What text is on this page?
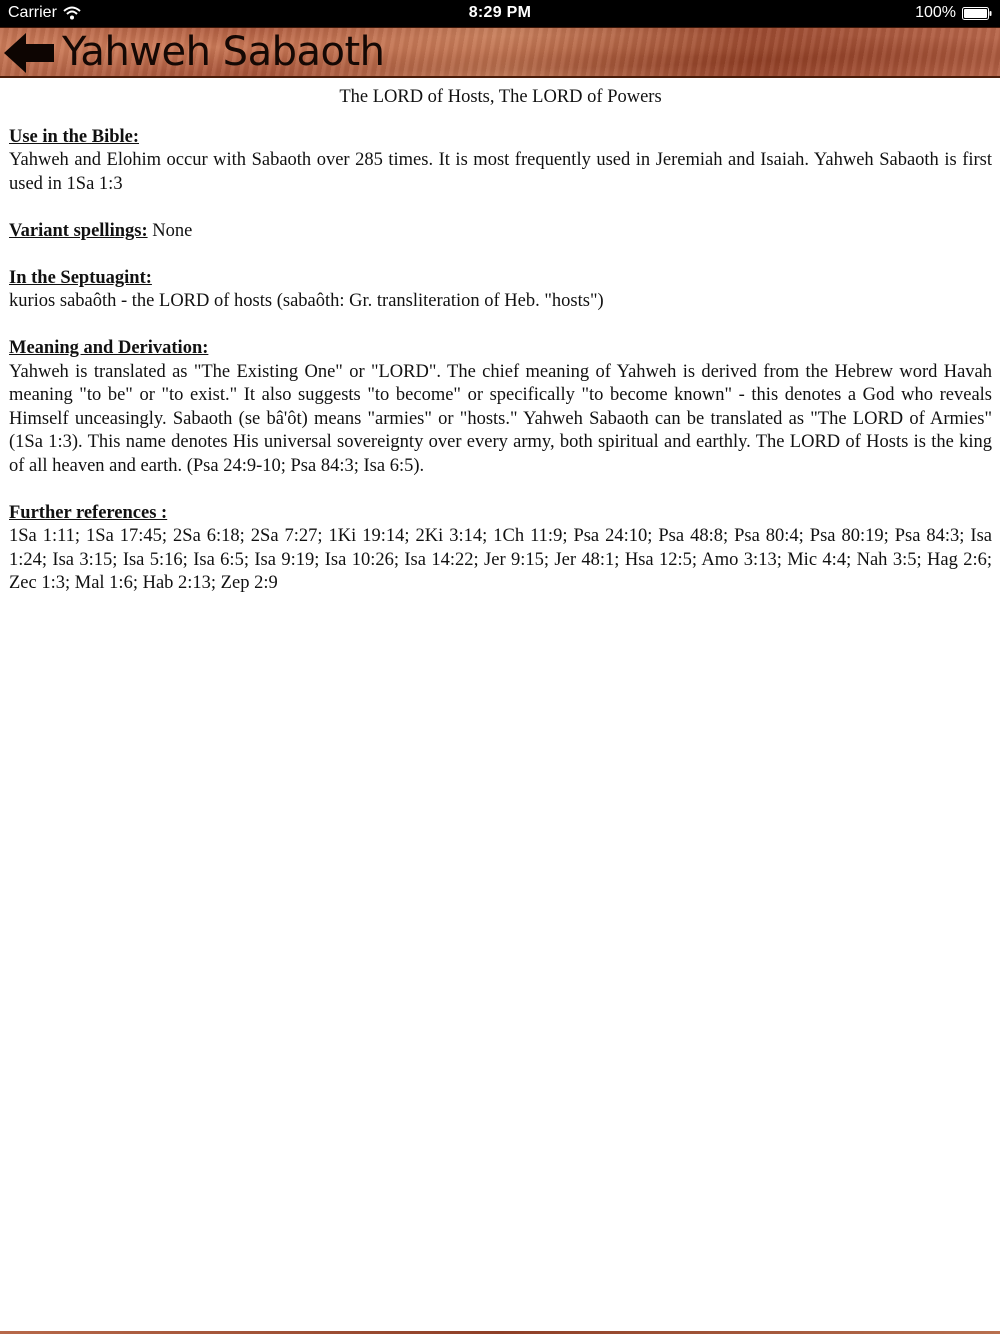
Carrier	8:29 PM	100%
Yahweh Sabaoth
The LORD of Hosts, The LORD of Powers
Use in the Bible:
Yahweh and Elohim occur with Sabaoth over 285 times. It is most frequently used in Jeremiah and Isaiah. Yahweh Sabaoth is first used in 1Sa 1:3
Variant spellings: None
In the Septuagint:
kurios sabaôth - the LORD of hosts (sabaôth: Gr. transliteration of Heb. "hosts")
Meaning and Derivation:
Yahweh is translated as "The Existing One" or "LORD". The chief meaning of Yahweh is derived from the Hebrew word Havah meaning "to be" or "to exist." It also suggests "to become" or specifically "to become known" - this denotes a God who reveals Himself unceasingly. Sabaoth (se bâ'ôt) means "armies" or "hosts." Yahweh Sabaoth can be translated as "The LORD of Armies" (1Sa 1:3). This name denotes His universal sovereignty over every army, both spiritual and earthly. The LORD of Hosts is the king of all heaven and earth. (Psa 24:9-10; Psa 84:3; Isa 6:5).
Further references :
1Sa 1:11; 1Sa 17:45; 2Sa 6:18; 2Sa 7:27; 1Ki 19:14; 2Ki 3:14; 1Ch 11:9; Psa 24:10; Psa 48:8; Psa 80:4; Psa 80:19; Psa 84:3; Isa 1:24; Isa 3:15; Isa 5:16; Isa 6:5; Isa 9:19; Isa 10:26; Isa 14:22; Jer 9:15; Jer 48:1; Hsa 12:5; Amo 3:13; Mic 4:4; Nah 3:5; Hag 2:6; Zec 1:3; Mal 1:6; Hab 2:13; Zep 2:9
